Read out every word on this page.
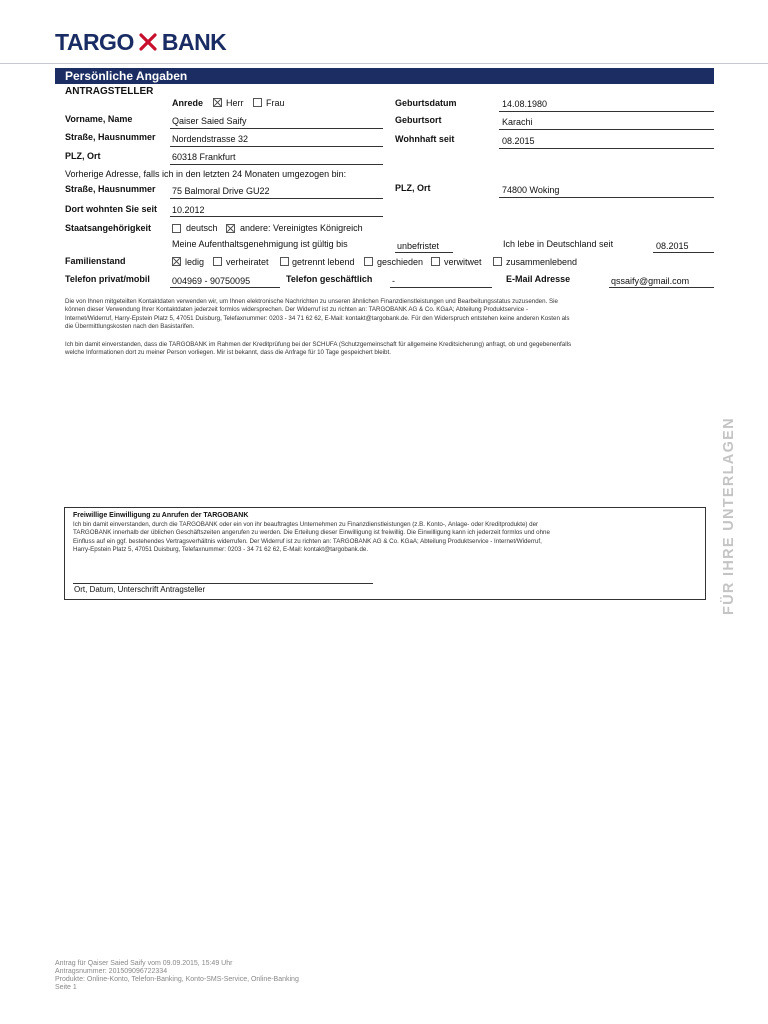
TARGO BANK
Persönliche Angaben
ANTRAGSTELLER
Anrede	Herr	Frau
Vorname, Name	Qaiser Saied Saify
Straße, Hausnummer Nordendstrasse 32
PLZ, Ort	60318 Frankfurt
Geburtsdatum	14.08.1980
Geburtsort	Karachi
Wohnhaft seit	08.2015
Vorherige Adresse, falls ich in den letzten 24 Monaten umgezogen bin:
Straße, Hausnummer 75 Balmoral Drive GU22	PLZ, Ort	74800 Woking
Dort wohnten Sie seit 10.2012
Staatsangehörigkeit	deutsch andere: Vereinigtes Königreich
Meine Aufenthaltsgenehmigung ist gültig bis	unbefristet	Ich lebe in Deutschland seit	08.2015
Familienstand	ledig verheiratet	getrennt lebend geschieden verwitwet	zusammenlebend
Telefon privat/mobil 004969 - 90750095	Telefon geschäftlich -	E-Mail Adresse	qssaify@gmail.com
Die von Ihnen mitgeteilten Kontaktdaten verwenden wir, um Ihnen elektronische Nachrichten zu unseren ähnlichen Finanzdienstleistungen und Bearbeitungsstatus zuzusenden. Sie
können dieser Verwendung Ihrer Kontaktdaten jederzeit formlos widersprechen. Der Widerruf ist zu richten an: TARGOBANK AG & Co. KGaA; Abteilung Produktservice -
Internet/Widerruf, Harry-Epstein Platz 5, 47051 Duisburg, Telefaxnummer: 0203 - 34 71 62 62, E-Mail: kontakt@targobank.de. Für den Widerspruch entstehen keine anderen Kosten als
die Übermittlungskosten nach den Basistarifen.
Ich bin damit einverstanden, dass die TARGOBANK im Rahmen der Kreditprüfung bei der SCHUFA (Schutzgemeinschaft für allgemeine Kreditsicherung) anfragt, ob und gegebenenfalls
welche Informationen dort zu meiner Person vorliegen. Mir ist bekannt, dass die Anfrage für 10 Tage gespeichert bleibt.
FÜR IHRE UNTERLAGEN
Freiwillige Einwilligung zu Anrufen der TARGOBANK
Ich bin damit einverstanden, durch die TARGOBANK oder ein von ihr beauftragtes Unternehmen zu Finanzdienstleistungen (z.B. Konto-, Anlage- oder Kreditprodukte) der
TARGOBANK innerhalb der üblichen Geschäftszeiten angerufen zu werden. Die Erteilung dieser Einwilligung ist freiwillig. Die Einwilligung kann ich jederzeit formlos und ohne
Einfluss auf ein ggf. bestehendes Vertragsverhältnis widerrufen. Der Widerruf ist zu richten an: TARGOBANK AG & Co. KGaA; Abteilung Produktservice - Internet/Widerruf,
Harry-Epstein Platz 5, 47051 Duisburg, Telefaxnummer: 0203 - 34 71 62 62, E-Mail: kontakt@targobank.de.
Ort, Datum, Unterschrift Antragsteller
Antrag für Qaiser Saied Saify vom 09.09.2015, 15:49 Uhr
Antragsnummer: 201509096722334
Produkte: Online-Konto, Telefon-Banking, Konto-SMS-Service, Online-Banking
Seite 1
